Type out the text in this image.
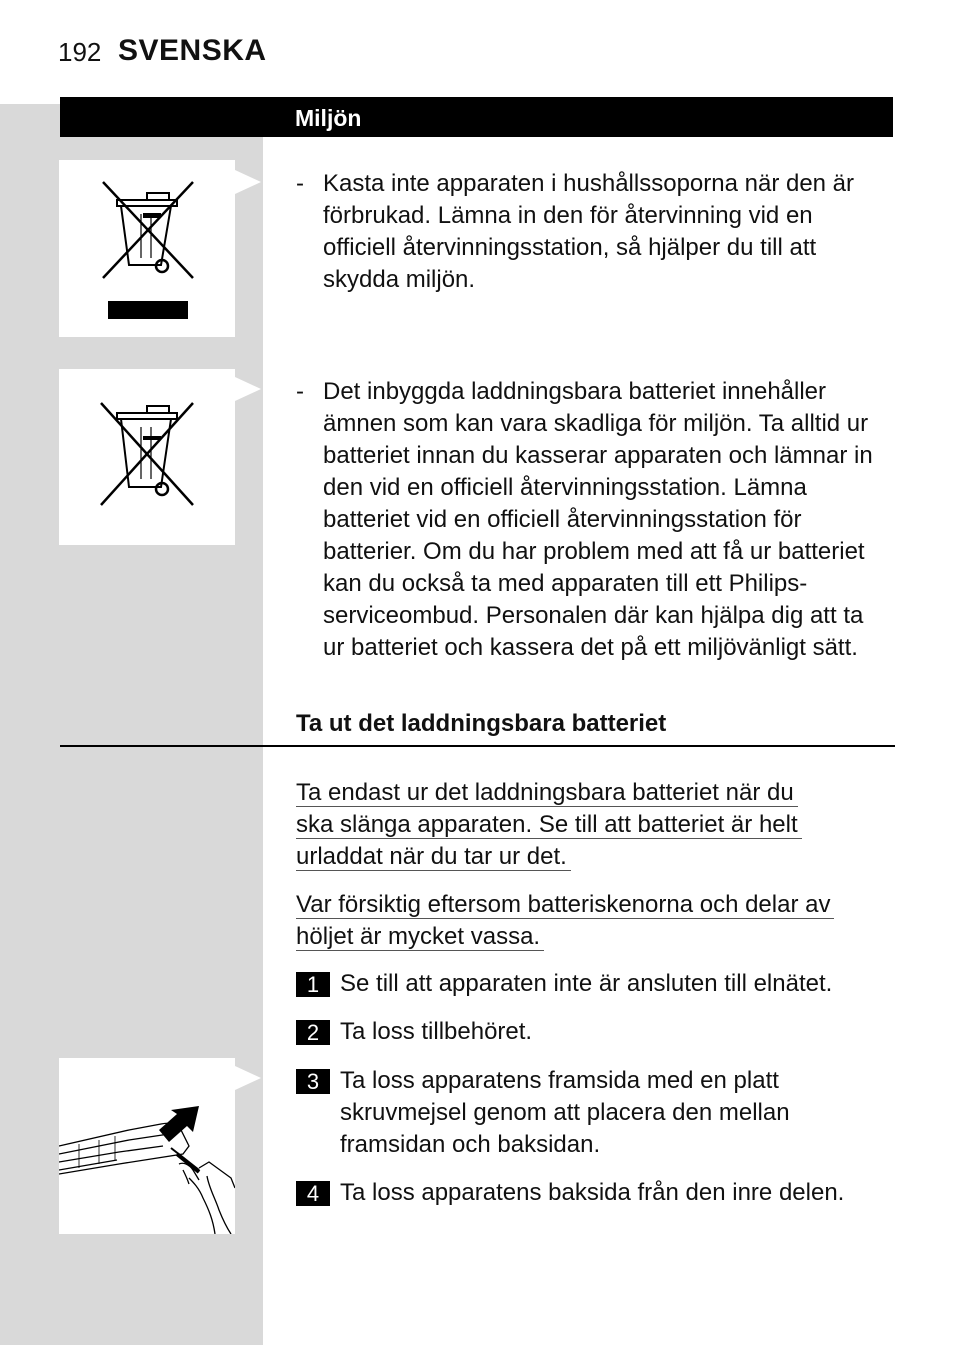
192 SVENSKA
Miljön
- Kasta inte apparaten i hushållssoporna när den är förbrukad. Lämna in den för återvinning vid en officiell återvinningsstation, så hjälper du till att skydda miljön.
- Det inbyggda laddningsbara batteriet innehåller ämnen som kan vara skadliga för miljön. Ta alltid ur batteriet innan du kasserar apparaten och lämnar in den vid en officiell återvinningsstation. Lämna batteriet vid en officiell återvinningsstation för batterier. Om du har problem med att få ur batteriet kan du också ta med apparaten till ett Philips-serviceombud. Personalen där kan hjälpa dig att ta ur batteriet och kassera det på ett miljövänligt sätt.
Ta ut det laddningsbara batteriet
Ta endast ur det laddningsbara batteriet när du
ska slänga apparaten. Se till att batteriet är helt
urladdat när du tar ur det.
Var försiktig eftersom batteriskenorna och delar av
höljet är mycket vassa.
1 Se till att apparaten inte är ansluten till elnätet.
2 Ta loss tillbehöret.
3 Ta loss apparatens framsida med en platt skruvmejsel genom att placera den mellan framsidan och baksidan.
4 Ta loss apparatens baksida från den inre delen.
